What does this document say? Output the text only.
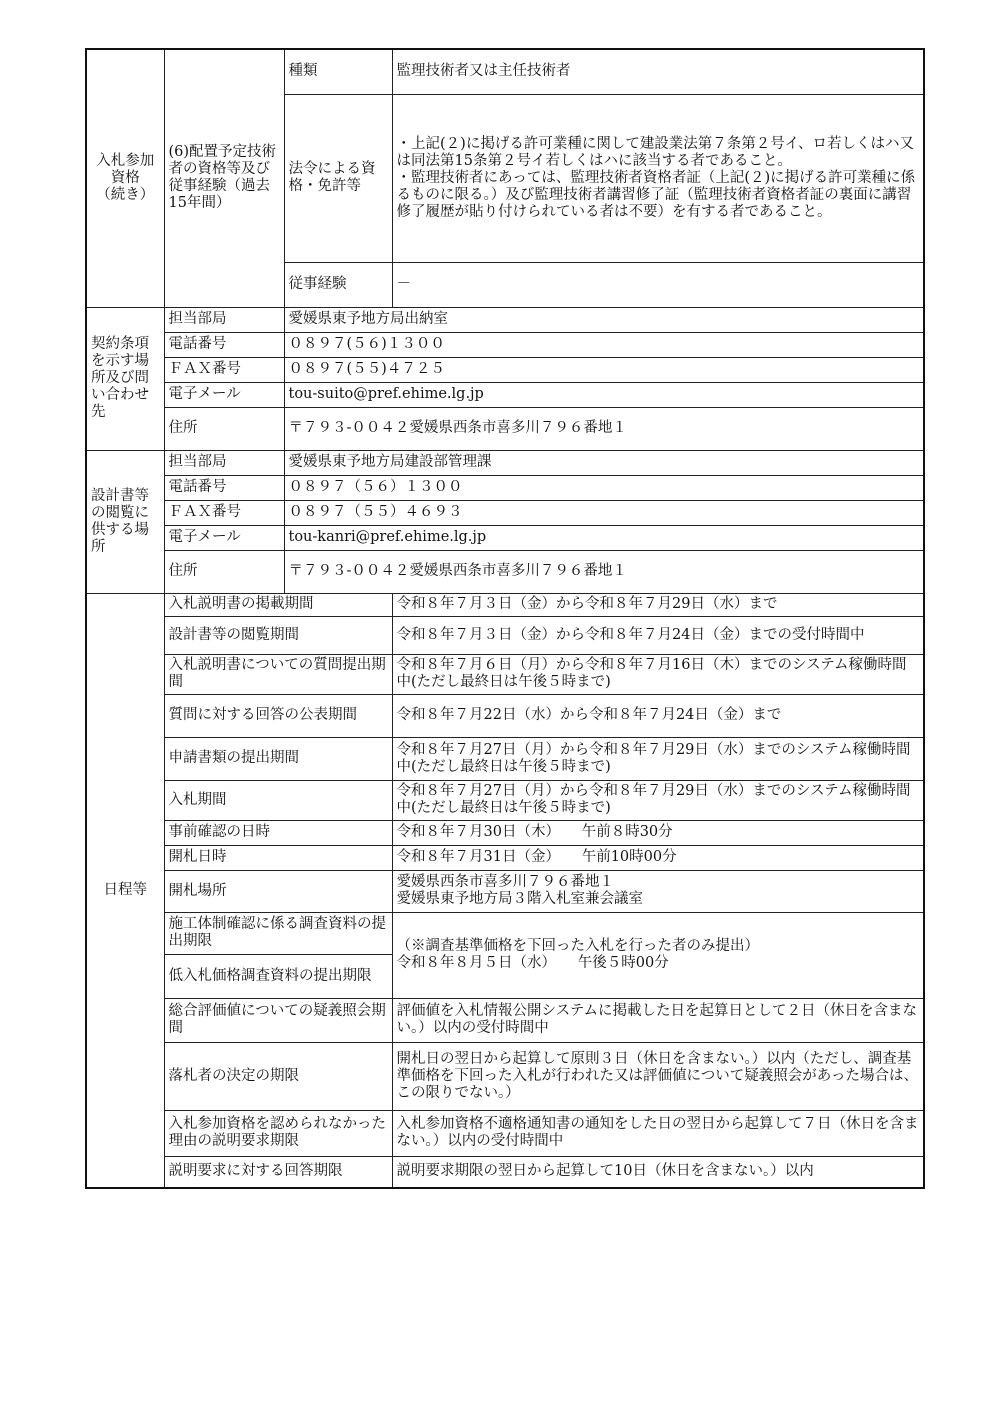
入札参加
資格
（続き）	(6)配置予定技術者の資格等及び従事経験（過去15年間）	種類	監理技術者又は主任技術者
		法令による資格・免許等	・上記(２)に掲げる許可業種に関して建設業法第７条第２号イ、ロ若しくはハ又は同法第15条第２号イ若しくはハに該当する者であること。
・監理技術者にあっては、監理技術者資格者証（上記(２)に掲げる許可業種に係るものに限る。）及び監理技術者講習修了証（監理技術者資格者証の裏面に講習修了履歴が貼り付けられている者は不要）を有する者であること。
		従事経験	－
契約条項を示す場所及び問い合わせ先	担当部局	愛媛県東予地方局出納室	
	電話番号	０８９７(５６)１３００	
	ＦＡＸ番号	０８９７(５５)４７２５	
	電子メール	tou-suito@pref.ehime.lg.jp	
	住所	〒７９３-００４２愛媛県西条市喜多川７９６番地１	
設計書等の閲覧に供する場所	担当部局	愛媛県東予地方局建設部管理課	
	電話番号	０８９７（５６）１３００	
	ＦＡＸ番号	０８９７（５５）４６９３	
	電子メール	tou-kanri@pref.ehime.lg.jp	
	住所	〒７９３-００４２愛媛県西条市喜多川７９６番地１	
日程等	入札説明書の掲載期間		令和８年７月３日（金）から令和８年７月29日（水）まで
	設計書等の閲覧期間		令和８年７月３日（金）から令和８年７月24日（金）までの受付時間中
	入札説明書についての質問提出期間		令和８年７月６日（月）から令和８年７月16日（木）までのシステム稼働時間中(ただし最終日は午後５時まで)
	質問に対する回答の公表期間		令和８年７月22日（水）から令和８年７月24日（金）まで
	申請書類の提出期間		令和８年７月27日（月）から令和８年７月29日（水）までのシステム稼働時間中(ただし最終日は午後５時まで)
	入札期間		令和８年７月27日（月）から令和８年７月29日（水）までのシステム稼働時間中(ただし最終日は午後５時まで)
	事前確認の日時		令和８年７月30日（木）　　午前８時30分
	開札日時		令和８年７月31日（金）　　午前10時00分
	開札場所		愛媛県西条市喜多川７９６番地１
愛媛県東予地方局３階入札室兼会議室
	施工体制確認に係る調査資料の提出期限		（※調査基準価格を下回った入札を行った者のみ提出）
令和８年８月５日（水）　　午後５時00分
	低入札価格調査資料の提出期限		
	総合評価値についての疑義照会期間		評価値を入札情報公開システムに掲載した日を起算日として２日（休日を含まない。）以内の受付時間中
	落札者の決定の期限		開札日の翌日から起算して原則３日（休日を含まない。）以内（ただし、調査基準価格を下回った入札が行われた又は評価値について疑義照会があった場合は、この限りでない。）
	入札参加資格を認められなかった理由の説明要求期限		入札参加資格不適格通知書の通知をした日の翌日から起算して７日（休日を含まない。）以内の受付時間中
	説明要求に対する回答期限		説明要求期限の翌日から起算して10日（休日を含まない。）以内
